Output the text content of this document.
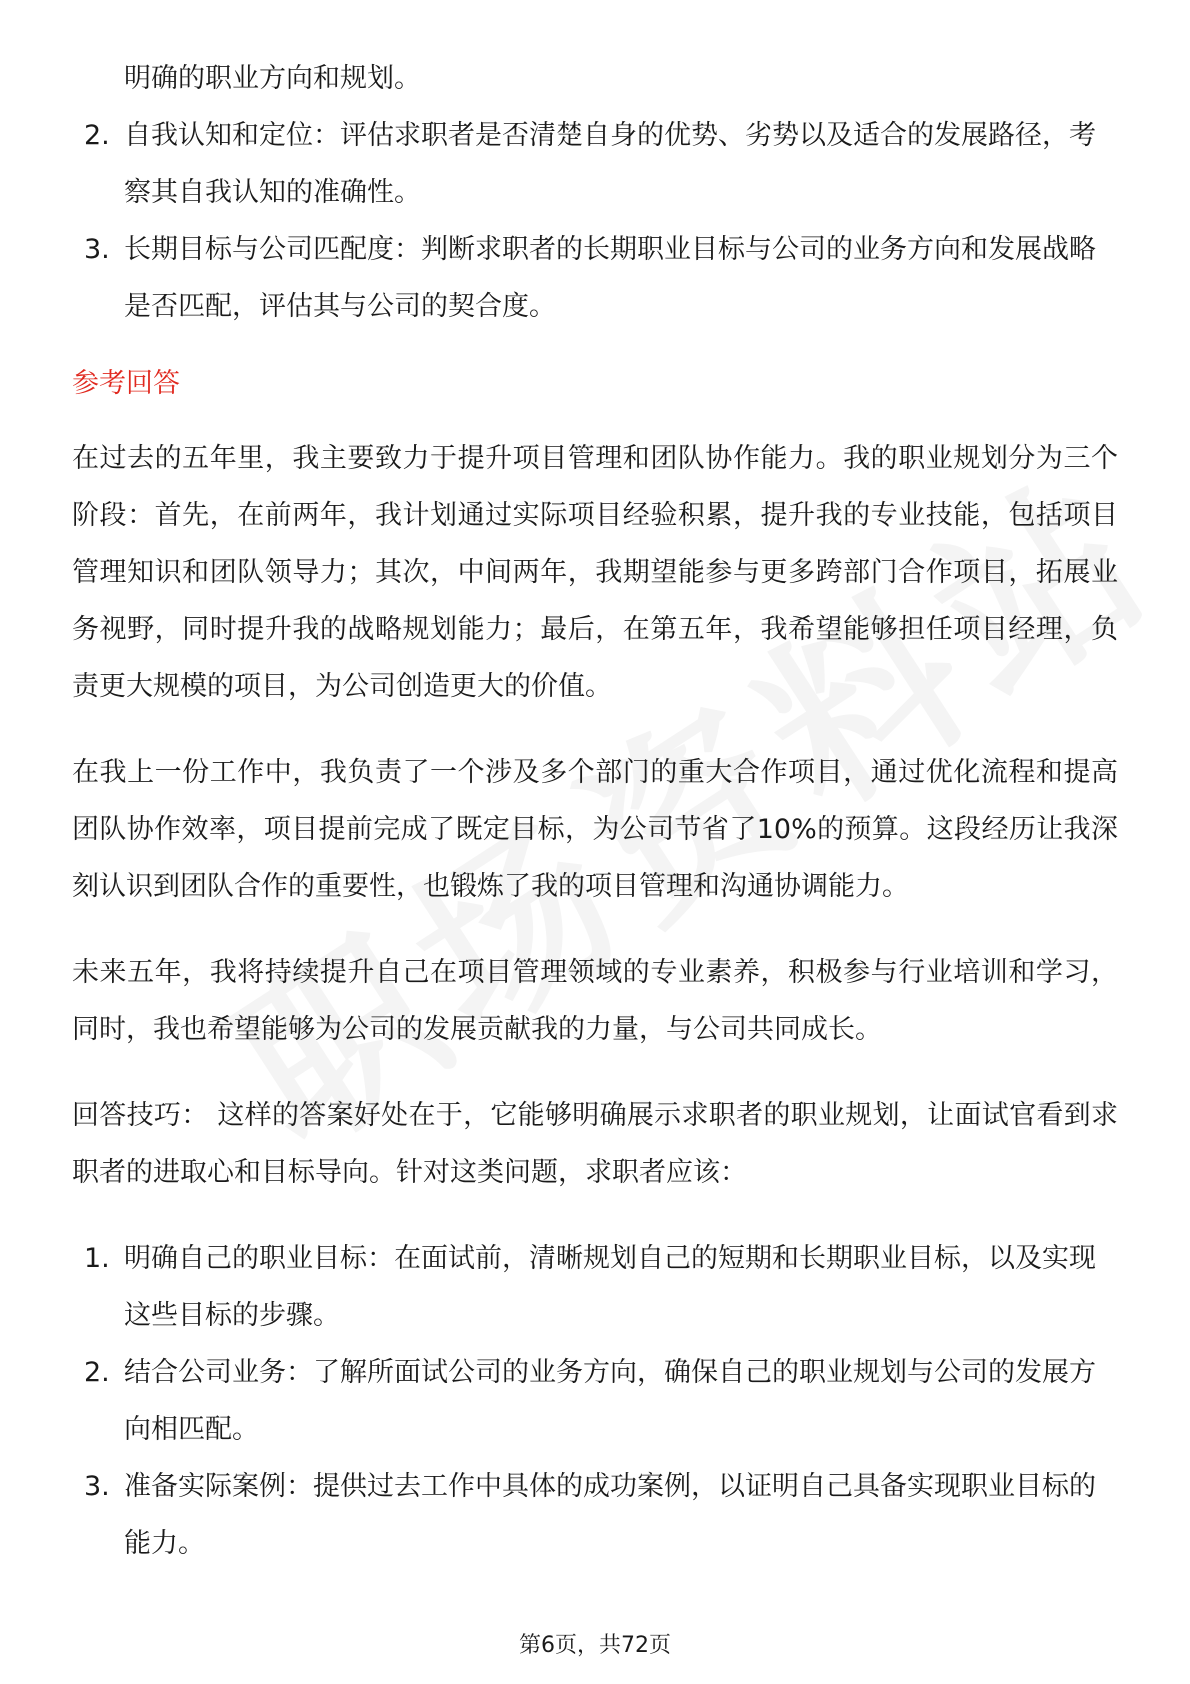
明确的职业方向和规划。
2. 自我认知和定位：评估求职者是否清楚自身的优势、劣势以及适合的发展路径，考察其自我认知的准确性。
3. 长期目标与公司匹配度：判断求职者的长期职业目标与公司的业务方向和发展战略是否匹配，评估其与公司的契合度。
参考回答

在过去的五年里，我主要致力于提升项目管理和团队协作能力。我的职业规划分为三个阶段：首先，在前两年，我计划通过实际项目经验积累，提升我的专业技能，包括项目管理知识和团队领导力；其次，中间两年，我期望能参与更多跨部门合作项目，拓展业务视野，同时提升我的战略规划能力；最后，在第五年，我希望能够担任项目经理，负责更大规模的项目，为公司创造更大的价值。

在我上一份工作中，我负责了一个涉及多个部门的重大合作项目，通过优化流程和提高团队协作效率，项目提前完成了既定目标，为公司节省了10%的预算。这段经历让我深刻认识到团队合作的重要性，也锻炼了我的项目管理和沟通协调能力。

未来五年，我将持续提升自己在项目管理领域的专业素养，积极参与行业培训和学习，同时，我也希望能够为公司的发展贡献我的力量，与公司共同成长。

回答技巧： 这样的答案好处在于，它能够明确展示求职者的职业规划，让面试官看到求职者的进取心和目标导向。针对这类问题，求职者应该：

1. 明确自己的职业目标：在面试前，清晰规划自己的短期和长期职业目标，以及实现这些目标的步骤。
2. 结合公司业务：了解所面试公司的业务方向，确保自己的职业规划与公司的发展方向相匹配。
3. 准备实际案例：提供过去工作中具体的成功案例，以证明自己具备实现职业目标的能力。
第6页，共72页
